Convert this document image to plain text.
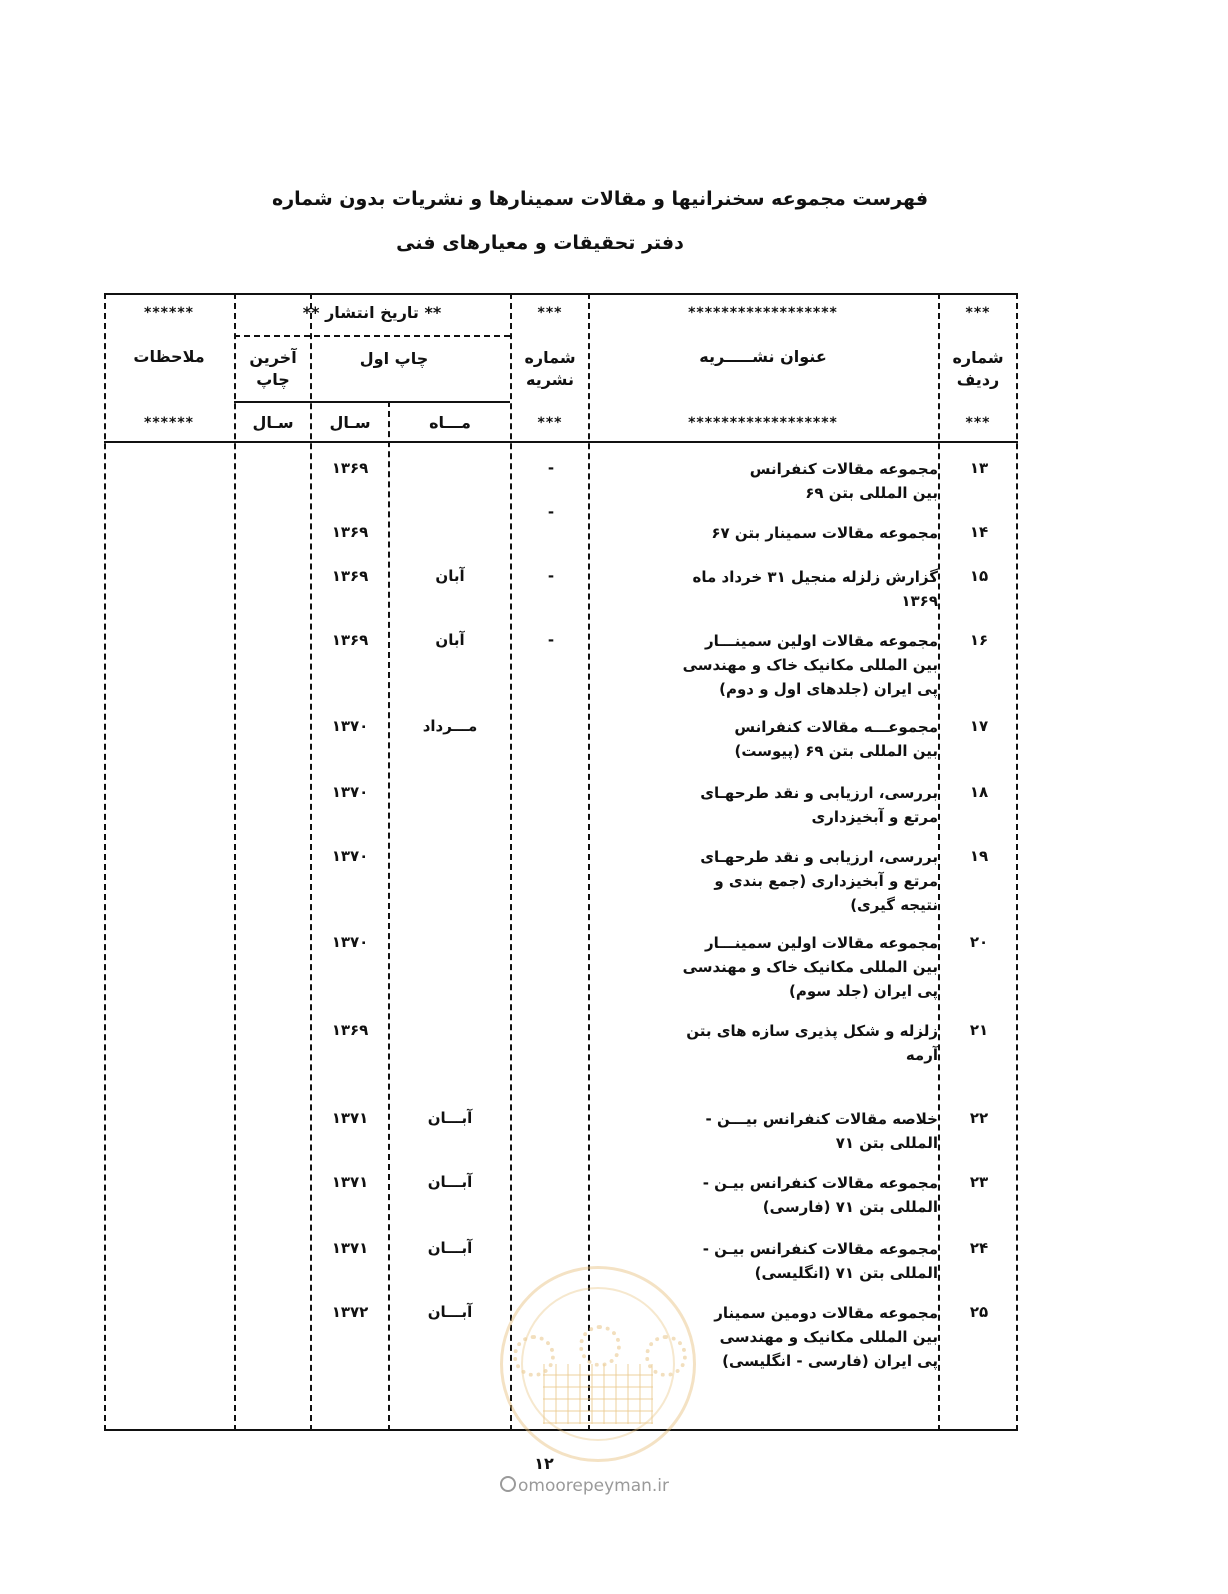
فهرست مجموعه سخنرانیها و مقالات سمینارها و نشریات بدون شماره
دفتر تحقیقات و معیارهای فنی
***
******************
***
** تاریخ انتشار **
******
شماره ردیف
عنوان نشـــــریه
شماره نشریه
چاپ اول
آخرین چاپ
ملاحظات
***
******************
***
مـــاه
سـال
سـال
******
۱۳
مجموعه مقالات کنفرانس
بین المللی بتن ۶۹
-
۱۳۶۹
۱۴
مجموعه مقالات سمینار بتن ۶۷
-
۱۳۶۹
۱۵
گزارش زلزله منجیل ۳۱ خرداد ماه
۱۳۶۹
-
آبان
۱۳۶۹
۱۶
مجموعه مقالات اولین سمینـــار
بین المللی مکانیک خاک و مهندسی
پی ایران (جلدهای اول و دوم)
-
آبان
۱۳۶۹
۱۷
مجموعـــه مقالات کنفرانس
بین المللی بتن ۶۹ (پیوست)
مـــرداد
۱۳۷۰
۱۸
بررسی، ارزیابی و نقد طرحهـای
مرتع و آبخیزداری
۱۳۷۰
۱۹
بررسی، ارزیابی و نقد طرحهـای
مرتع و آبخیزداری (جمع بندی و
نتیجه گیری)
۱۳۷۰
۲۰
مجموعه مقالات اولین سمینـــار
بین المللی مکانیک خاک و مهندسی
پی ایران (جلد سوم)
۱۳۷۰
۲۱
زلزله و شکل پذیری سازه های بتن
آرمه
۱۳۶۹
۲۲
خلاصه مقالات کنفرانس بیـــن -
المللی بتن ۷۱
آبـــان
۱۳۷۱
۲۳
مجموعه مقالات کنفرانس بیـن -
المللی بتن ۷۱ (فارسی)
آبـــان
۱۳۷۱
۲۴
مجموعه مقالات کنفرانس بیـن -
المللی بتن ۷۱ (انگلیسی)
آبـــان
۱۳۷۱
۲۵
مجموعه مقالات دومین سمینار
بین المللی مکانیک و مهندسی
پی ایران (فارسی - انگلیسی)
آبـــان
۱۳۷۲
۱۲
omoorepeyman.ir
